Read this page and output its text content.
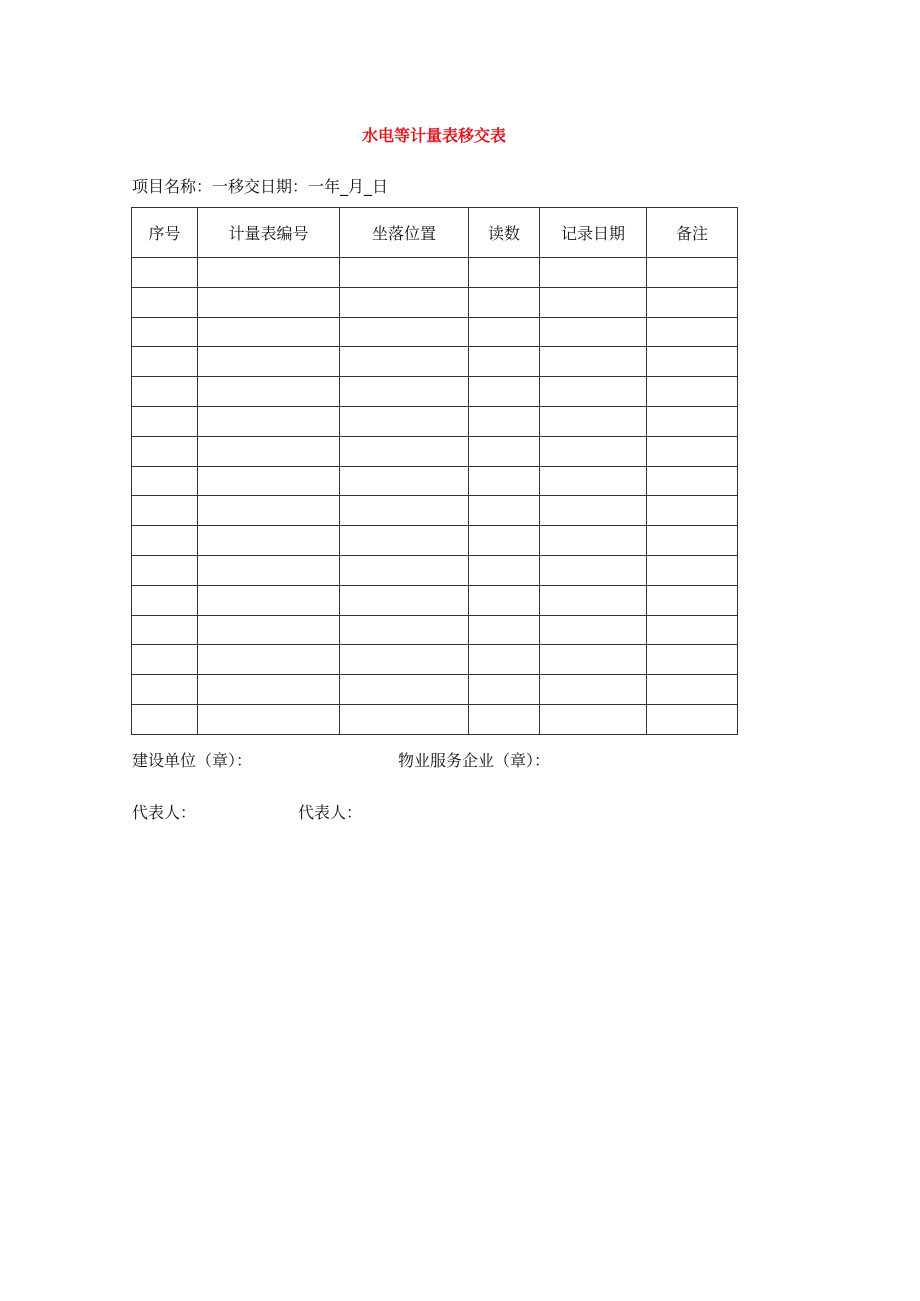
水电等计量表移交表
项目名称：一移交日期：一年_月_日
序号	计量表编号	坐落位置	读数	记录日期	备注

建设单位（章）：	物业服务企业（章）：
代表人：	代表人：
